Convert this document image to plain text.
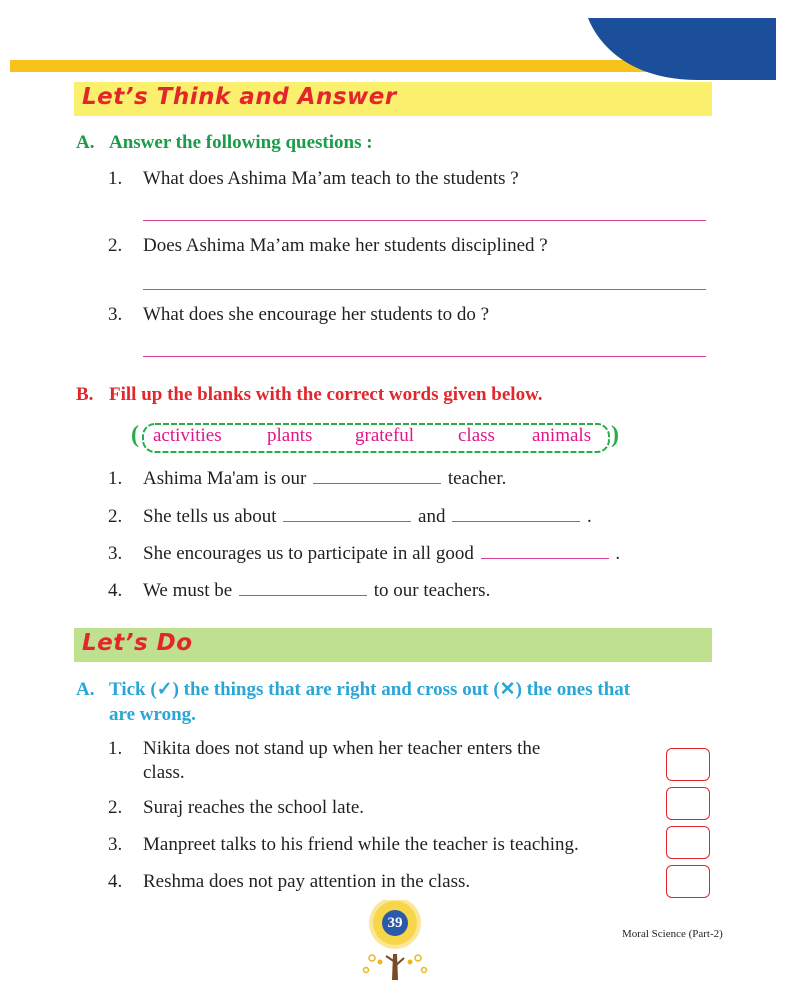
Let’s Think and Answer
A. Answer the following questions :
1. What does Ashima Ma’am teach to the students ?
2. Does Ashima Ma’am make her students disciplined ?
3. What does she encourage her students to do ?
B. Fill up the blanks with the correct words given below.
( activities plants grateful class animals )
1. Ashima Ma'am is our	teacher.
2. She tells us about	and	.
3. She encourages us to participate in all good	.
4. We must be	to our teachers.
Let’s Do
A. Tick (✓) the things that are right and cross out (✕) the ones that
are wrong.
1. Nikita does not stand up when her teacher enters the
class.
2. Suraj reaches the school late.
3. Manpreet talks to his friend while the teacher is teaching.
4. Reshma does not pay attention in the class.
39
Moral Science (Part-2)
